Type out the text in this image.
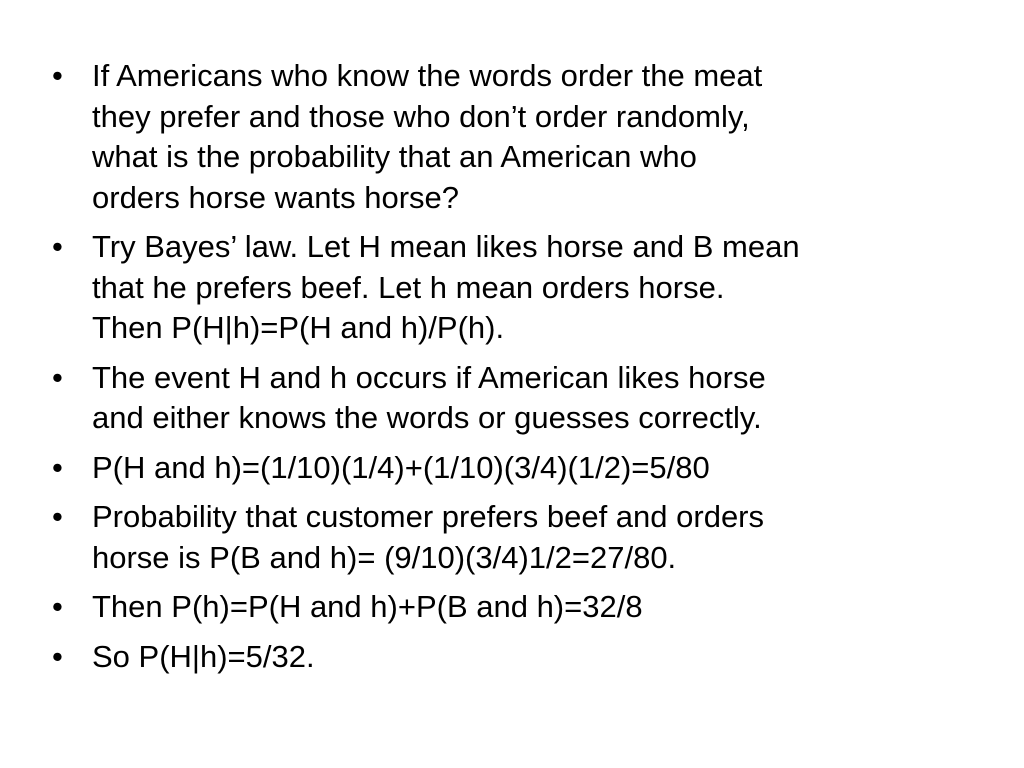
• If Americans who know the words order the meat
they prefer and those who don’t order randomly,
what is the probability that an American who
orders horse wants horse?
• Try Bayes’ law. Let H mean likes horse and B mean
that he prefers beef. Let h mean orders horse.
Then P(H|h)=P(H and h)/P(h).
• The event H and h occurs if American likes horse
and either knows the words or guesses correctly.
• P(H and h)=(1/10)(1/4)+(1/10)(3/4)(1/2)=5/80
• Probability that customer prefers beef and orders
horse is P(B and h)= (9/10)(3/4)1/2=27/80.
• Then P(h)=P(H and h)+P(B and h)=32/8
• So P(H|h)=5/32.
